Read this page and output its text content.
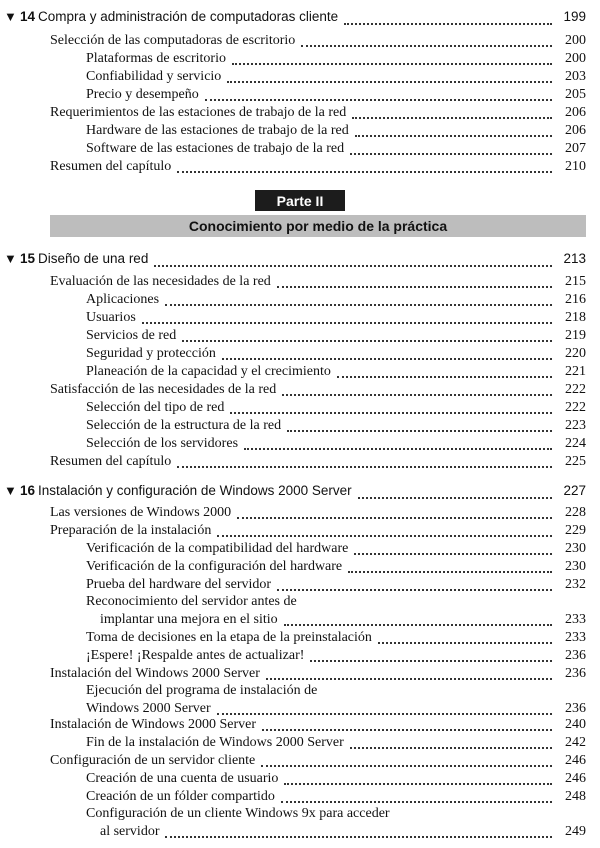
▼ 14 Compra y administración de computadoras cliente	199
Selección de las computadoras de escritorio	200
Plataformas de escritorio	200
Confiabilidad y servicio	203
Precio y desempeño	205
Requerimientos de las estaciones de trabajo de la red	206
Hardware de las estaciones de trabajo de la red	206
Software de las estaciones de trabajo de la red	207
Resumen del capítulo	210
Parte II
Conocimiento por medio de la práctica
▼ 15 Diseño de una red	213
Evaluación de las necesidades de la red	215
Aplicaciones	216
Usuarios	218
Servicios de red	219
Seguridad y protección	220
Planeación de la capacidad y el crecimiento	221
Satisfacción de las necesidades de la red	222
Selección del tipo de red	222
Selección de la estructura de la red	223
Selección de los servidores	224
Resumen del capítulo	225
▼ 16 Instalación y configuración de Windows 2000 Server	227
Las versiones de Windows 2000	228
Preparación de la instalación	229
Verificación de la compatibilidad del hardware	230
Verificación de la configuración del hardware	230
Prueba del hardware del servidor	232
Reconocimiento del servidor antes de
implantar una mejora en el sitio	233
Toma de decisiones en la etapa de la preinstalación	233
¡Espere! ¡Respalde antes de actualizar!	236
Instalación del Windows 2000 Server	236
Ejecución del programa de instalación de
Windows 2000 Server	236
Instalación de Windows 2000 Server	240
Fin de la instalación de Windows 2000 Server	242
Configuración de un servidor cliente	246
Creación de una cuenta de usuario	246
Creación de un fólder compartido	248
Configuración de un cliente Windows 9x para acceder
al servidor	249
